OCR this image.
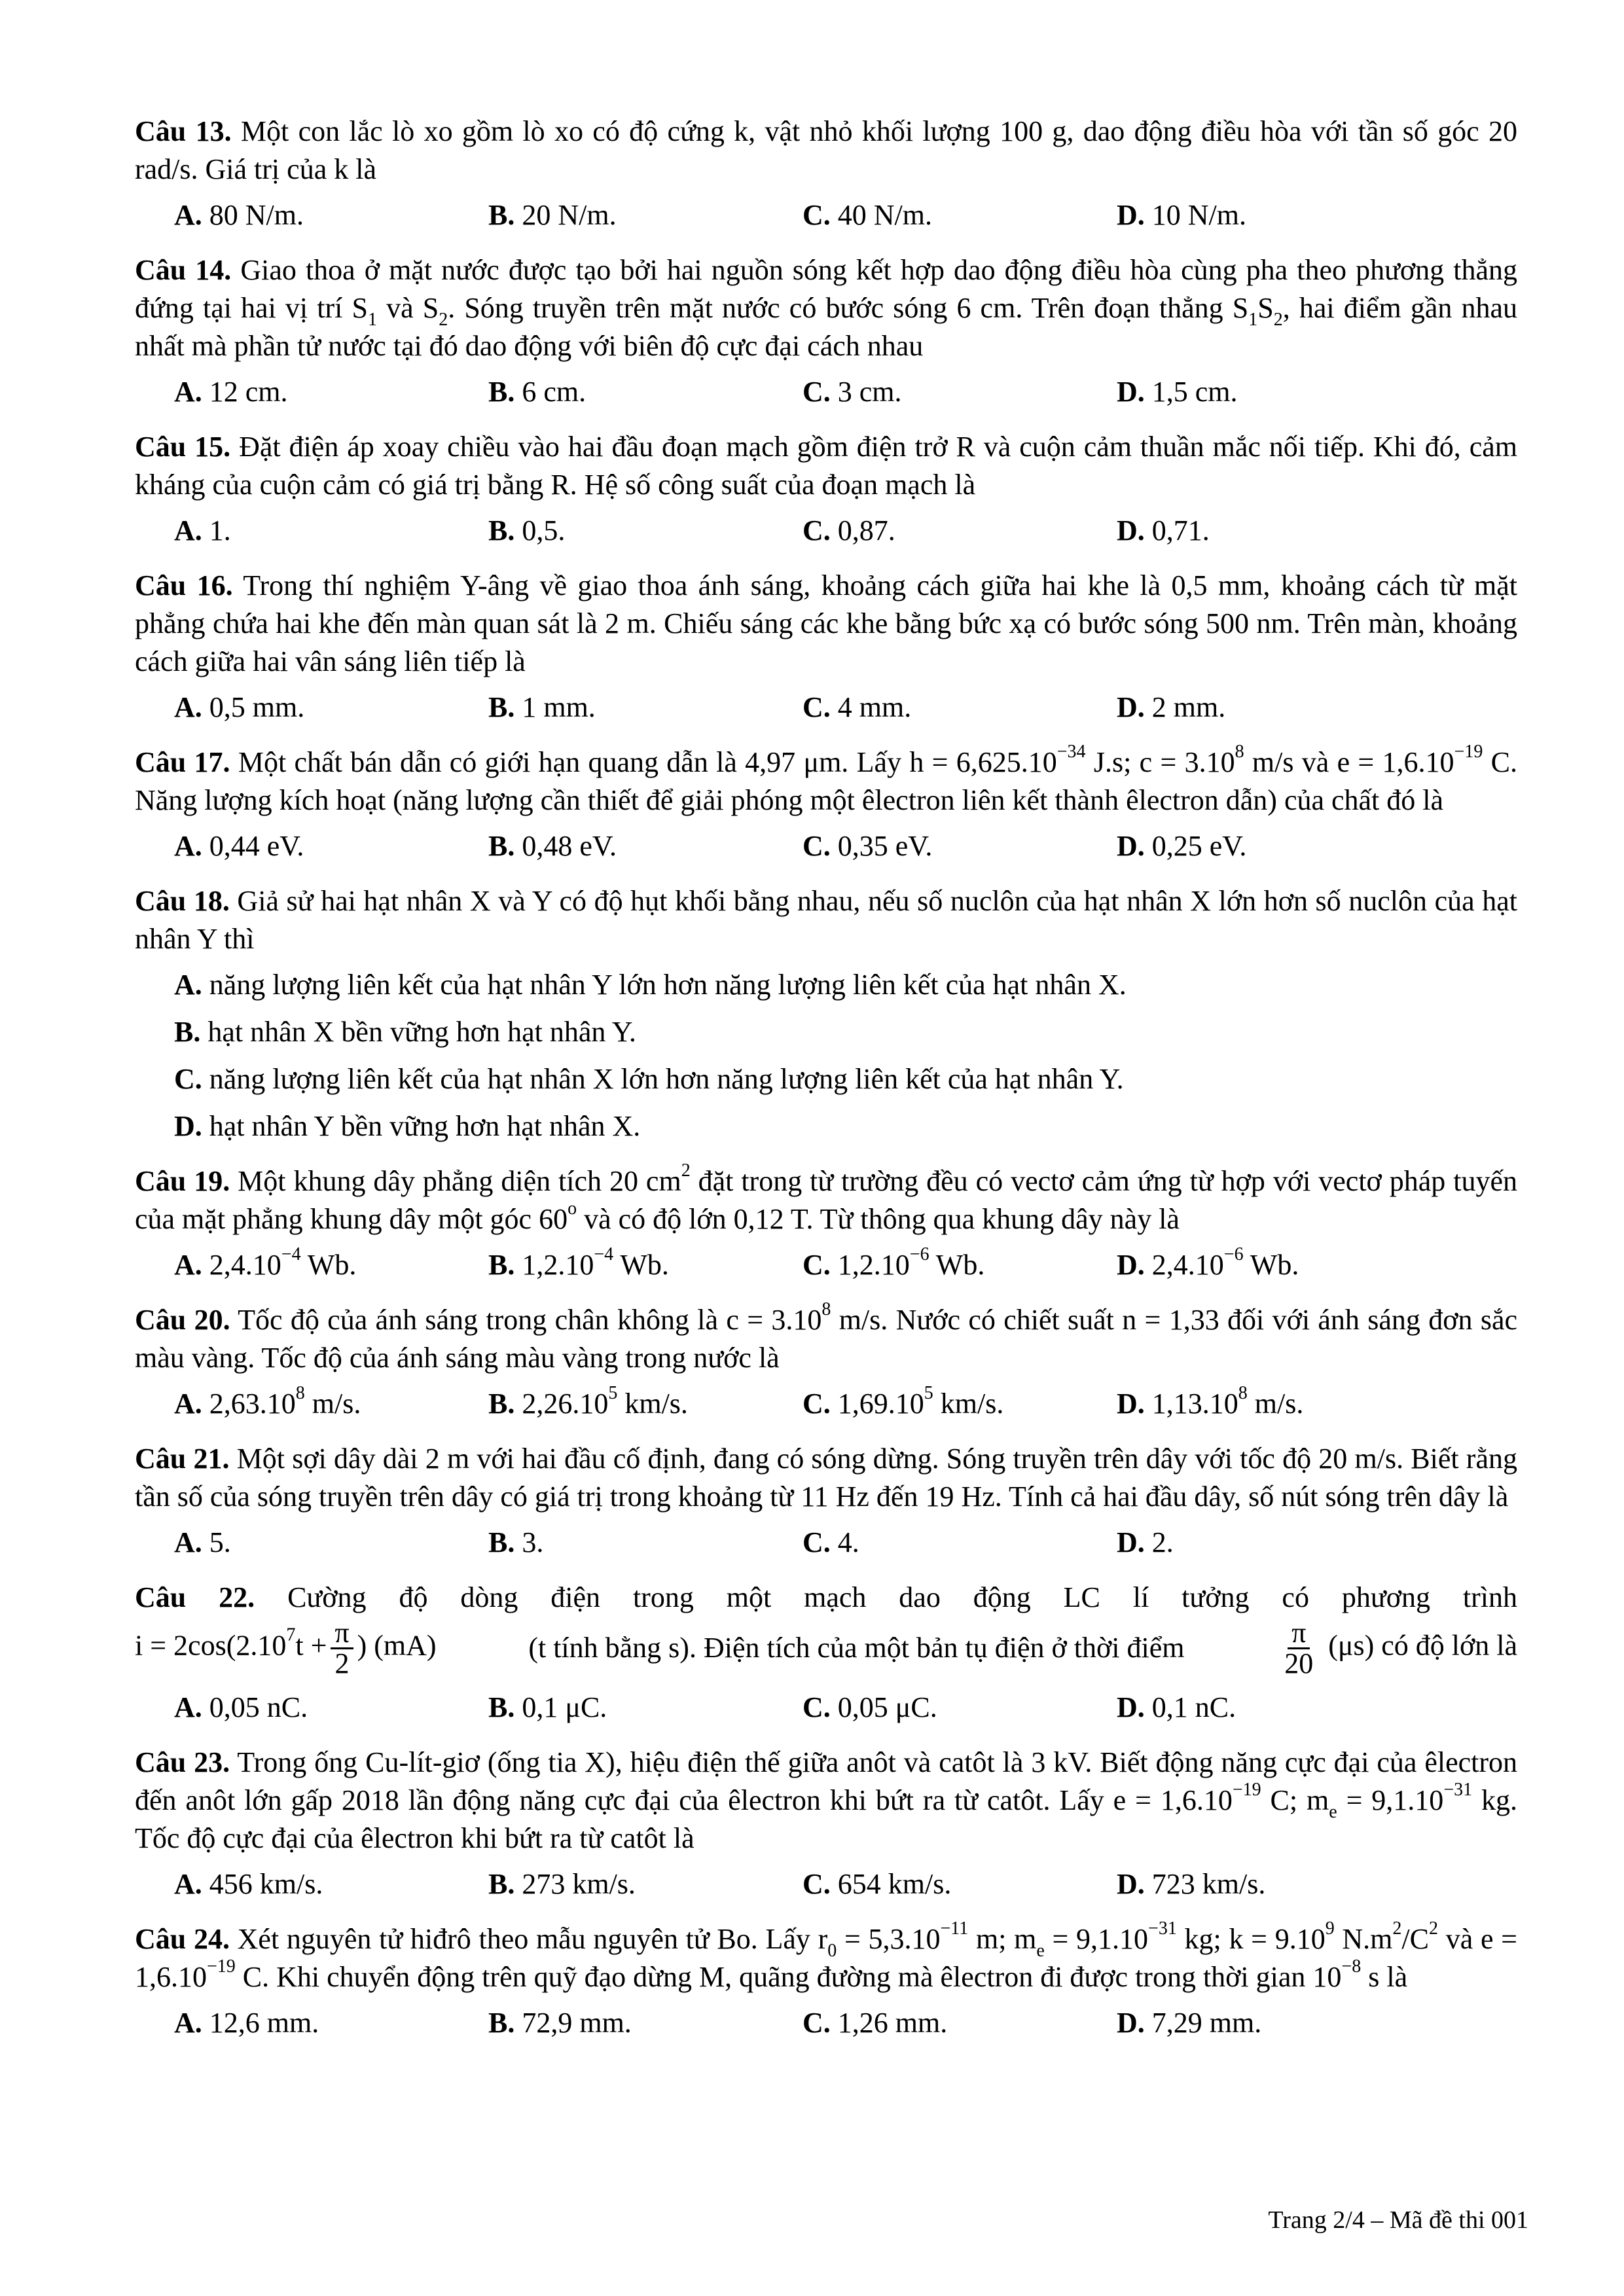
Câu 13. Một con lắc lò xo gồm lò xo có độ cứng k, vật nhỏ khối lượng 100 g, dao động điều hòa với tần số góc 20 rad/s. Giá trị của k là

A. 80 N/m.	B. 20 N/m.	C. 40 N/m.	D. 10 N/m.

Câu 14. Giao thoa ở mặt nước được tạo bởi hai nguồn sóng kết hợp dao động điều hòa cùng pha theo phương thẳng đứng tại hai vị trí $S_1$ và $S_2$. Sóng truyền trên mặt nước có bước sóng 6 cm. Trên đoạn thẳng $S_1S_2$, hai điểm gần nhau nhất mà phần tử nước tại đó dao động với biên độ cực đại cách nhau

A. 12 cm.	B. 6 cm.	C. 3 cm.	D. 1,5 cm.

Câu 15. Đặt điện áp xoay chiều vào hai đầu đoạn mạch gồm điện trở R và cuộn cảm thuần mắc nối tiếp. Khi đó, cảm kháng của cuộn cảm có giá trị bằng R. Hệ số công suất của đoạn mạch là

A. 1.	B. 0,5.	C. 0,87.	D. 0,71.

Câu 16. Trong thí nghiệm Y-âng về giao thoa ánh sáng, khoảng cách giữa hai khe là 0,5 mm, khoảng cách từ mặt phẳng chứa hai khe đến màn quan sát là 2 m. Chiếu sáng các khe bằng bức xạ có bước sóng 500 nm. Trên màn, khoảng cách giữa hai vân sáng liên tiếp là

A. 0,5 mm.	B. 1 mm.	C. 4 mm.	D. 2 mm.

Câu 17. Một chất bán dẫn có giới hạn quang dẫn là 4,97 μm. Lấy $h = 6,625.10^{-34}$ J.s; $c = 3.10^8$ m/s và $e = 1,6.10^{-19}$ C. Năng lượng kích hoạt (năng lượng cần thiết để giải phóng một êlectron liên kết thành êlectron dẫn) của chất đó là

A. 0,44 eV.	B. 0,48 eV.	C. 0,35 eV.	D. 0,25 eV.

Câu 18. Giả sử hai hạt nhân X và Y có độ hụt khối bằng nhau, nếu số nuclôn của hạt nhân X lớn hơn số nuclôn của hạt nhân Y thì

A. năng lượng liên kết của hạt nhân Y lớn hơn năng lượng liên kết của hạt nhân X.
B. hạt nhân X bền vững hơn hạt nhân Y.
C. năng lượng liên kết của hạt nhân X lớn hơn năng lượng liên kết của hạt nhân Y.
D. hạt nhân Y bền vững hơn hạt nhân X.

Câu 19. Một khung dây phẳng diện tích 20 $cm^2$ đặt trong từ trường đều có vectơ cảm ứng từ hợp với vectơ pháp tuyến của mặt phẳng khung dây một góc 60$^o$ và có độ lớn 0,12 T. Từ thông qua khung dây này là

A. $2,4.10^{-4}$ Wb.	B. $1,2.10^{-4}$ Wb.	C. $1,2.10^{-6}$ Wb.	D. $2,4.10^{-6}$ Wb.

Câu 20. Tốc độ của ánh sáng trong chân không là $c = 3.10^8$ m/s. Nước có chiết suất n = 1,33 đối với ánh sáng đơn sắc màu vàng. Tốc độ của ánh sáng màu vàng trong nước là

A. 2,63.10$^8$ m/s.	B. 2,26.10$^5$ km/s.	C. 1,69.10$^5$ km/s.	D. 1,13.10$^8$ m/s.

Câu 21. Một sợi dây dài 2 m với hai đầu cố định, đang có sóng dừng. Sóng truyền trên dây với tốc độ 20 m/s. Biết rằng tần số của sóng truyền trên dây có giá trị trong khoảng từ 11 Hz đến 19 Hz. Tính cả hai đầu dây, số nút sóng trên dây là

A. 5.	B. 3.	C. 4.	D. 2.

Câu 22. Cường độ dòng điện trong một mạch dao động LC lí tưởng có phương trình

$i = 2\cos(2.10^7t + \frac{\pi}{2}$ ) (mA)	(t tính bằng s). Điện tích của một bản tụ điện ở thời điểm	$\frac{\pi}{20} (\mu s)$ có độ lớn là
A. 0,05 nC.	B. 0,1 μC.	C. 0,05 μC.	D. 0,1 nC.

Câu 23. Trong ống Cu-lít-giơ (ống tia X), hiệu điện thế giữa anôt và catôt là 3 kV. Biết động năng cực đại của êlectron đến anôt lớn gấp 2018 lần động năng cực đại của êlectron khi bứt ra từ catôt. Lấy $e = 1,6.10^{-19}$ C; $m_e = 9,1.10^{-31}$ kg. Tốc độ cực đại của êlectron khi bứt ra từ catôt là

A. 456 km/s.	B. 273 km/s.	C. 654 km/s.	D. 723 km/s.

Câu 24. Xét nguyên tử hiđrô theo mẫu nguyên tử Bo. Lấy $r_0 = 5,3.10^{-11}$ m; $m_e = 9,1.10^{-31}$ kg; $k = 9.10^9$ $N.m^2/C^2$ và $e = 1,6.10^{-19}$ C. Khi chuyển động trên quỹ đạo dừng M, quãng đường mà êlectron đi được trong thời gian $10^{-8}$ s là

A. 12,6 mm.	B. 72,9 mm.	C. 1,26 mm.	D. 7,29 mm.
Trang 2/4 – Mã đề thi 001
